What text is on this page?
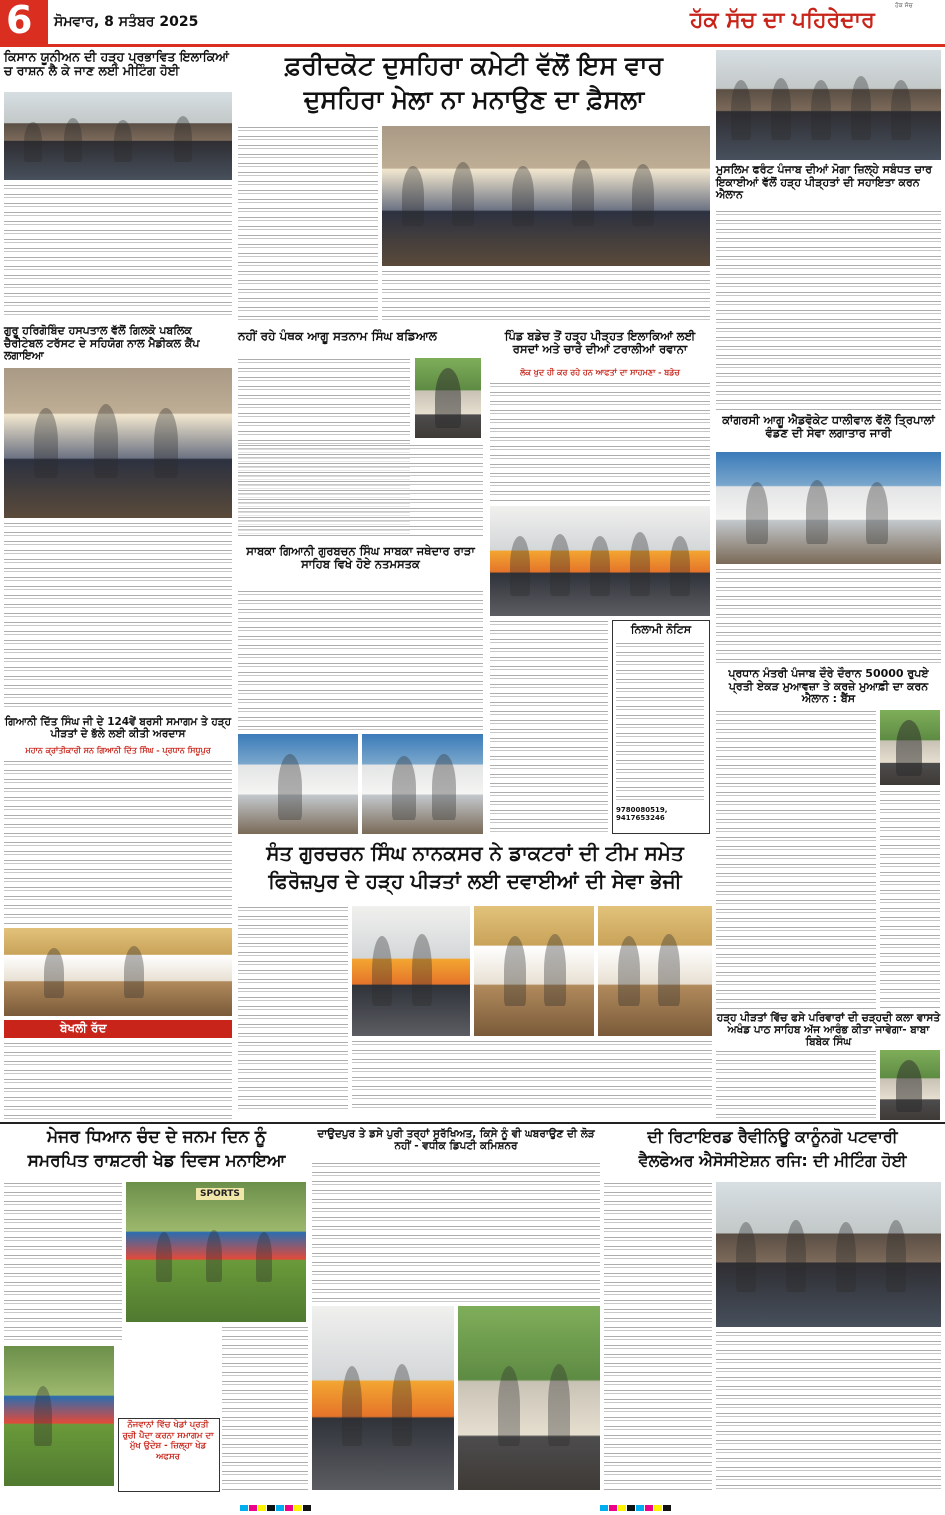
6 ਸੋਮਵਾਰ, 8 ਸਤੰਬਰ 2025
ਹੱਕ ਸੱਚ
ਹੱਕ ਸੱਚ ਦਾ ਪਹਿਰੇਦਾਰ
ਕਿਸਾਨ ਯੂਨੀਅਨ ਦੀ ਹੜ੍ਹ ਪ੍ਰਭਾਵਿਤ ਇਲਾਕਿਆਂ ਚ ਰਾਸ਼ਨ ਲੈ ਕੇ ਜਾਣ ਲਈ ਮੀਟਿੰਗ ਹੋਈ
ਗੁਰੂ ਹਰਿਗੋਬਿੰਦ ਹਸਪਤਾਲ ਵੱਲੋਂ ਗਿਲਕੋ ਪਬਲਿਕ ਚੈਰੀਟੇਬਲ ਟਰੱਸਟ ਦੇ ਸਹਿਯੋਗ ਨਾਲ ਮੈਡੀਕਲ ਕੈਂਪ ਲਗਾਇਆ
ਗਿਆਨੀ ਦਿੱਤ ਸਿੰਘ ਜੀ ਦੇ 124ਵੇਂ ਬਰਸੀ ਸਮਾਗਮ ਤੇ ਹੜ੍ਹ ਪੀੜਤਾਂ ਦੇ ਭੱਲੇ ਲਈ ਕੀਤੀ ਅਰਦਾਸ
ਮਹਾਨ ਕ੍ਰਾਂਤੀਕਾਰੀ ਸਨ ਗਿਆਨੀ ਦਿੱਤ ਸਿੰਘ - ਪ੍ਰਧਾਨ ਸਿਧੂਪੁਰ
ਬੇਖਲੀ ਰੱਦ
ਫ਼ਰੀਦਕੋਟ ਦੁਸਹਿਰਾ ਕਮੇਟੀ ਵੱਲੋਂ ਇਸ ਵਾਰ
ਦੁਸਹਿਰਾ ਮੇਲਾ ਨਾ ਮਨਾਉਣ ਦਾ ਫ਼ੈਸਲਾ
ਨਹੀਂ ਰਹੇ ਪੰਥਕ ਆਗੂ ਸਤਨਾਮ ਸਿੰਘ ਬਡਿਆਲ
ਸਾਬਕਾ ਗਿਆਨੀ ਗੁਰਬਚਨ ਸਿੰਘ ਸਾਬਕਾ ਜਥੇਦਾਰ ਰਾੜਾ ਸਾਹਿਬ ਵਿਖੇ ਹੋਏ ਨਤਮਸਤਕ
ਪਿੰਡ ਬਡੇਚ ਤੋਂ ਹੜ੍ਹ ਪੀੜ੍ਹਤ ਇਲਾਕਿਆਂ ਲਈ ਰਸਦਾਂ ਅਤੇ ਚਾਰੇ ਦੀਆਂ ਟਰਾਲੀਆਂ ਰਵਾਨਾ
ਲੋਕ ਖੁਦ ਹੀ ਕਰ ਰਹੇ ਹਨ ਆਫਤਾਂ ਦਾ ਸਾਹਮਣਾ - ਬਡੇਚ
ਨਿਲਾਮੀ ਨੋਟਿਸ
9780080519, 9417653246
ਮੁਸਲਿਮ ਫਰੰਟ ਪੰਜਾਬ ਦੀਆਂ ਮੋਗਾ ਜ਼ਿਲ੍ਹੇ ਸਬੰਧਤ ਚਾਰ ਇਕਾਈਆਂ ਵੱਲੋਂ ਹੜ੍ਹ ਪੀੜ੍ਹਤਾਂ ਦੀ ਸਹਾਇਤਾ ਕਰਨ ਐਲਾਨ
ਕਾਂਗਰਸੀ ਆਗੂ ਐਡਵੋਕੇਟ ਧਾਲੀਵਾਲ ਵੱਲੋਂ ਤ੍ਰਿਪਾਲਾਂ ਵੰਡਣ ਦੀ ਸੇਵਾ ਲਗਾਤਾਰ ਜਾਰੀ
ਪ੍ਰਧਾਨ ਮੰਤਰੀ ਪੰਜਾਬ ਦੌਰੇ ਦੌਰਾਨ 50000 ਰੁਪਏ ਪ੍ਰਤੀ ਏਕੜ ਮੁਆਵਜ਼ਾ ਤੇ ਕਰਜ਼ੇ ਮੁਆਫ਼ੀ ਦਾ ਕਰਨ ਐਲਾਨ : ਬੈਂਸ
ਸੰਤ ਗੁਰਚਰਨ ਸਿੰਘ ਨਾਨਕਸਰ ਨੇ ਡਾਕਟਰਾਂ ਦੀ ਟੀਮ ਸਮੇਤ
ਫਿਰੋਜ਼ਪੁਰ ਦੇ ਹੜ੍ਹ ਪੀੜਤਾਂ ਲਈ ਦਵਾਈਆਂ ਦੀ ਸੇਵਾ ਭੇਜੀ
ਹੜ੍ਹ ਪੀੜਤਾਂ ਵਿੱਚ ਫਸੇ ਪਰਿਵਾਰਾਂ ਦੀ ਚੜ੍ਹਦੀ ਕਲਾ ਵਾਸਤੇ ਅਖੰਡ ਪਾਠ ਸਾਹਿਬ ਅੱਜ ਆਰੰਭ ਕੀਤਾ ਜਾਵੇਗਾ- ਬਾਬਾ ਬਿਬੇਕ ਸਿੰਘ
ਮੇਜਰ ਧਿਆਨ ਚੰਦ ਦੇ ਜਨਮ ਦਿਨ ਨੂੰ
ਸਮਰਪਿਤ ਰਾਸ਼ਟਰੀ ਖੇਡ ਦਿਵਸ ਮਨਾਇਆ
SPORTS
ਨੌਜਵਾਨਾਂ ਵਿੱਚ ਖੇਡਾਂ ਪ੍ਰਤੀ ਰੁਚੀ ਪੈਦਾ ਕਰਨਾ ਸਮਾਗਮ ਦਾ ਮੁੱਖ ਉਦੇਸ਼ - ਜ਼ਿਲ੍ਹਾ ਖੇਡ ਅਫਸਰ
ਦਾਉਦਪੁਰ ਤੇ ਡਸੇ ਪੁਰੀ ਤਰ੍ਹਾਂ ਸੁਰੱਖਿਅਤ, ਕਿਸੇ ਨੂੰ ਵੀ ਘਬਰਾਉਣ ਦੀ ਲੋੜ ਨਹੀਂ - ਵਧੀਕ ਡਿਪਟੀ ਕਮਿਸ਼ਨਰ
ਦੀ ਰਿਟਾਇਰਡ ਰੈਵੀਨਿਊ ਕਾਨੂੰਨਗੋ ਪਟਵਾਰੀ
ਵੈਲਫੇਅਰ ਐਸੋਸੀਏਸ਼ਨ ਰਜਿ: ਦੀ ਮੀਟਿੰਗ ਹੋਈ
